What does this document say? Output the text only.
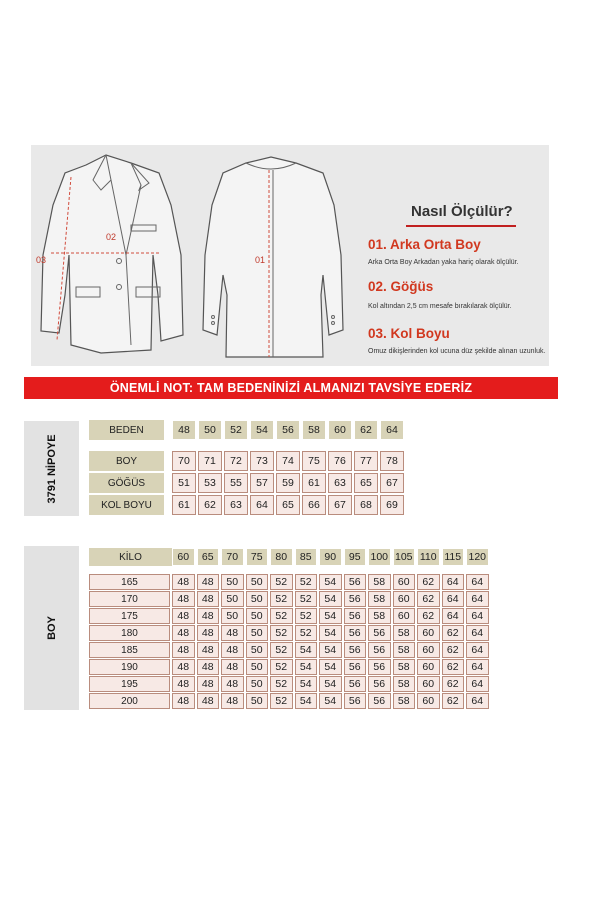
03
02
01
Nasıl Ölçülür?
01. Arka Orta Boy
Arka Orta Boy Arkadan yaka hariç olarak ölçülür.
02. Göğüs
Kol altından 2,5 cm mesafe bırakılarak ölçülür.
03. Kol Boyu
Omuz dikişlerinden kol ucuna düz şekilde alınan uzunluk.
ÖNEMLİ NOT: TAM BEDENİNİZİ ALMANIZI TAVSİYE EDERİZ
3791 NİPOYE
BEDEN	48	50	52	54	56	58	60	62	64
BOY	70	71	72	73	74	75	76	77	78
GÖĞÜS	51	53	55	57	59	61	63	65	67
KOL BOYU	61	62	63	64	65	66	67	68	69
BOY
KİLO	60	65	70	75	80	85	90	95 100 105 110 115 120
165	48	48	50	50	52	52	54	56	58	60	62	64	64
170	48	48	50	50	52	52	54	56	58	60	62	64	64
175	48	48	50	50	52	52	54	56	58	60	62	64	64
180	48	48	48	50	52	52	54	56	56	58	60	62	64
185	48	48	48	50	52	54	54	56	56	58	60	62	64
190	48	48	48	50	52	54	54	56	56	58	60	62	64
195	48	48	48	50	52	54	54	56	56	58	60	62	64
200	48	48	48	50	52	54	54	56	56	58	60	62	64
